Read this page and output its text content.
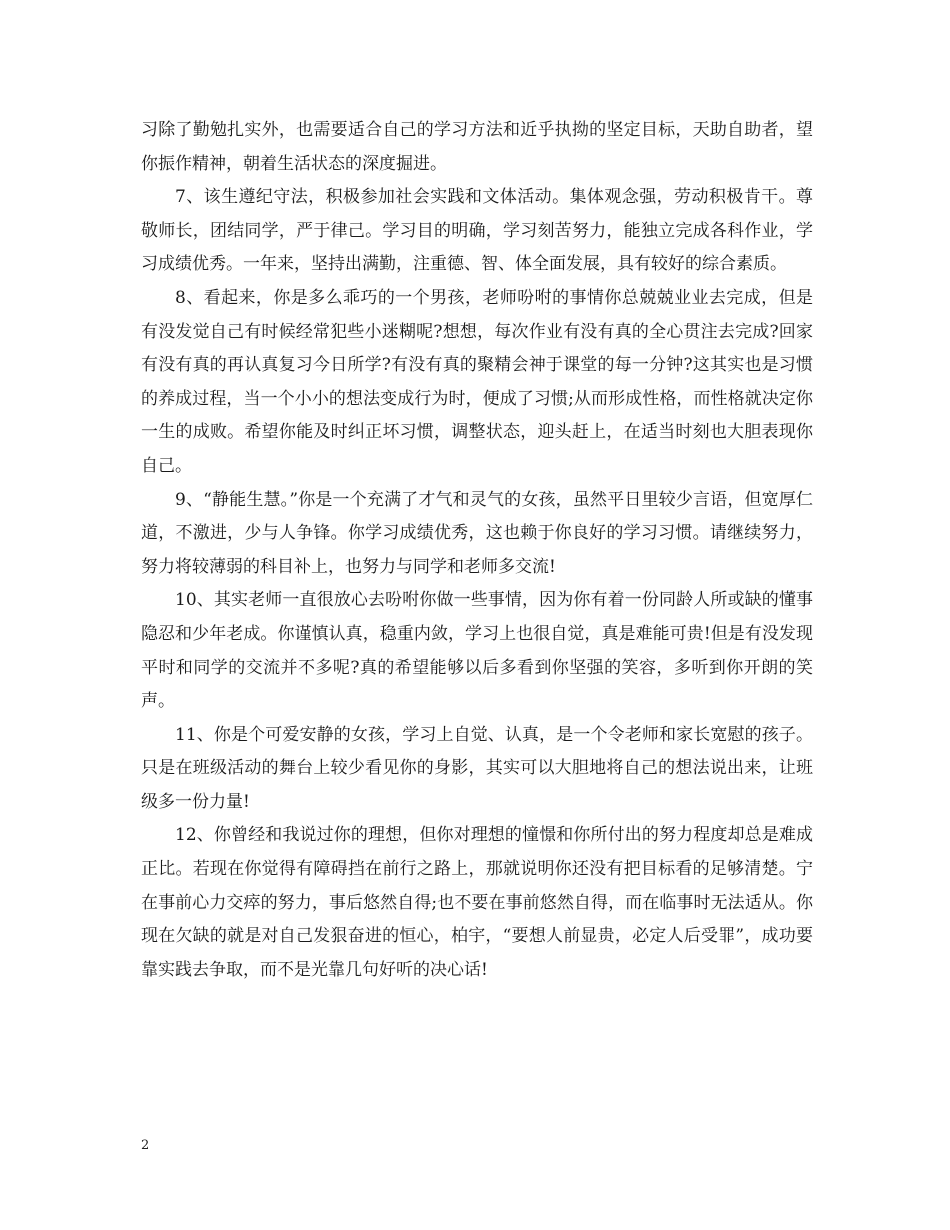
习除了勤勉扎实外，也需要适合自己的学习方法和近乎执拗的坚定目标，天助自助者，望你振作精神，朝着生活状态的深度掘进。

7、该生遵纪守法，积极参加社会实践和文体活动。集体观念强，劳动积极肯干。尊敬师长，团结同学，严于律己。学习目的明确，学习刻苦努力，能独立完成各科作业，学习成绩优秀。一年来，坚持出满勤，注重德、智、体全面发展，具有较好的综合素质。

8、看起来，你是多么乖巧的一个男孩，老师吩咐的事情你总兢兢业业去完成，但是有没发觉自己有时候经常犯些小迷糊呢?想想，每次作业有没有真的全心贯注去完成?回家有没有真的再认真复习今日所学?有没有真的聚精会神于课堂的每一分钟?这其实也是习惯的养成过程，当一个小小的想法变成行为时，便成了习惯;从而形成性格，而性格就决定你一生的成败。希望你能及时纠正坏习惯，调整状态，迎头赶上，在适当时刻也大胆表现你自己。

9、“静能生慧。”你是一个充满了才气和灵气的女孩，虽然平日里较少言语，但宽厚仁道，不激进，少与人争锋。你学习成绩优秀，这也赖于你良好的学习习惯。请继续努力，努力将较薄弱的科目补上，也努力与同学和老师多交流!

10、其实老师一直很放心去吩咐你做一些事情，因为你有着一份同龄人所或缺的懂事隐忍和少年老成。你谨慎认真，稳重内敛，学习上也很自觉，真是难能可贵!但是有没发现平时和同学的交流并不多呢?真的希望能够以后多看到你坚强的笑容，多听到你开朗的笑声。

11、你是个可爱安静的女孩，学习上自觉、认真，是一个令老师和家长宽慰的孩子。只是在班级活动的舞台上较少看见你的身影，其实可以大胆地将自己的想法说出来，让班级多一份力量!

12、你曾经和我说过你的理想，但你对理想的憧憬和你所付出的努力程度却总是难成正比。若现在你觉得有障碍挡在前行之路上，那就说明你还没有把目标看的足够清楚。宁在事前心力交瘁的努力，事后悠然自得;也不要在事前悠然自得，而在临事时无法适从。你现在欠缺的就是对自己发狠奋进的恒心，柏宇，“要想人前显贵，必定人后受罪”，成功要靠实践去争取，而不是光靠几句好听的决心话!

2
